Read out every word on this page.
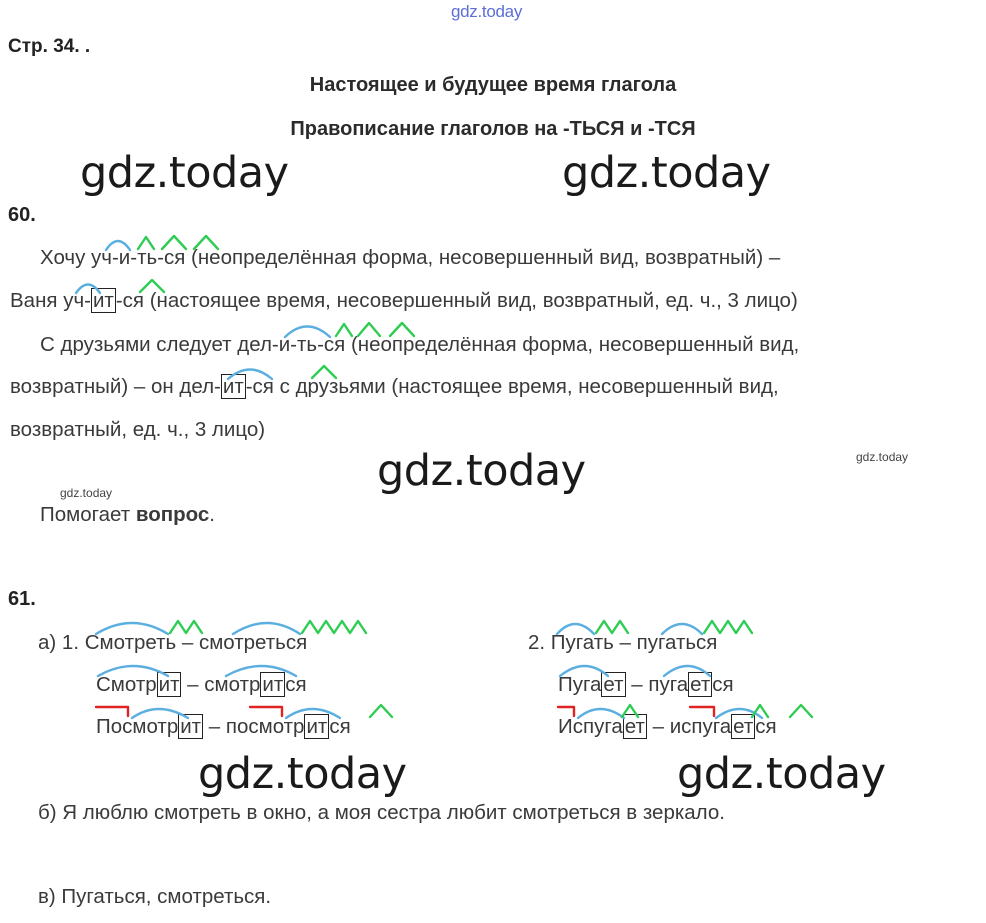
gdz.today
Стр. 34. .
Настоящее и будущее время глагола
Правописание глаголов на -ТЬСЯ и -ТСЯ
gdz.today	gdz.today
gdz.today
gdz.today	gdz.today
gdz.today
gdz.today
60.
Хочу уч-и-ть-ся (неопределённая форма, несовершенный вид, возвратный) –
Ваня уч-ит-ся (настоящее время, несовершенный вид, возвратный, ед. ч., 3 лицо)
С друзьями следует дел-и-ть-ся (неопределённая форма, несовершенный вид,
возвратный) – он дел-ит-ся с друзьями (настоящее время, несовершенный вид,
возвратный, ед. ч., 3 лицо)
Помогает вопрос.
61.
а) 1. Смотреть – смотреться
Смотрит – смотрится
Посмотрит – посмотрится
2. Пугать – пугаться
Пугает – пугается
Испугает – испугается
б) Я люблю смотреть в окно, а моя сестра любит смотреться в зеркало.
в) Пугаться, смотреться.
